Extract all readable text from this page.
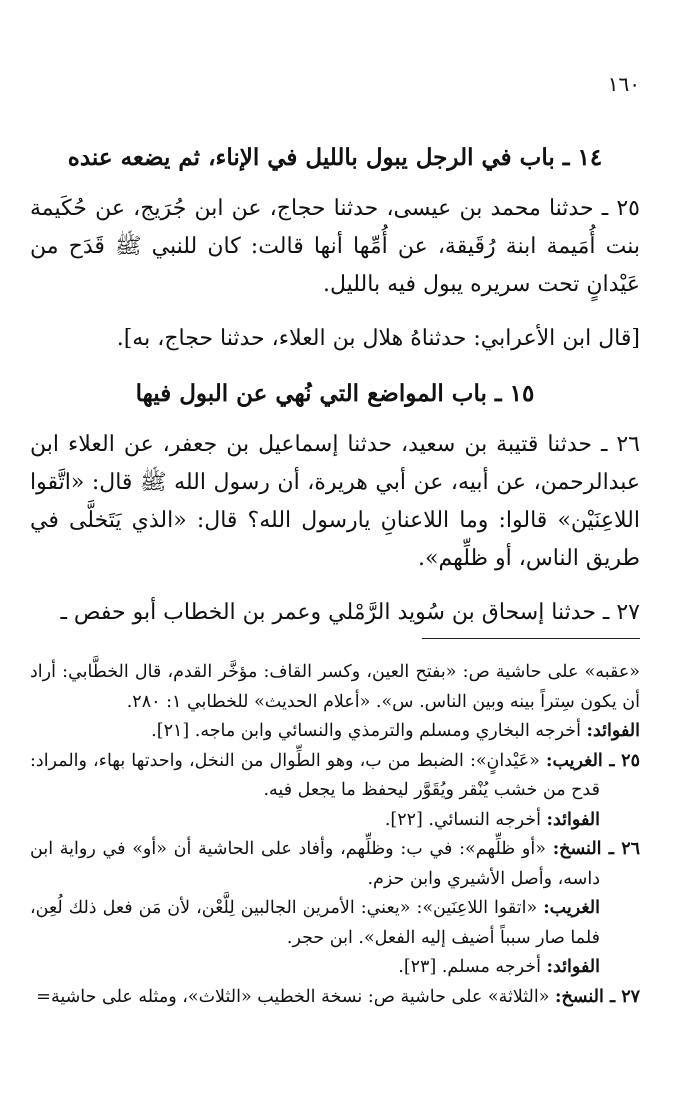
١٦٠
١٤ ـ باب في الرجل يبول بالليل في الإناء، ثم يضعه عنده

٢٥ ـ حدثنا محمد بن عيسى، حدثنا حجاج، عن ابن جُرَيج، عن حُكَيمة بنت أُمَيمة ابنة رُقَيقة، عن أُمِّها أنها قالت: كان للنبي ﷺ قَدَح من عَيْدانٍ تحت سريره يبول فيه بالليل.

[قال ابن الأعرابي: حدثناهُ هلال بن العلاء، حدثنا حجاج، به].

١٥ ـ باب المواضع التي نُهي عن البول فيها

٢٦ ـ حدثنا قتيبة بن سعيد، حدثنا إسماعيل بن جعفر، عن العلاء ابن عبدالرحمن، عن أبيه، عن أبي هريرة، أن رسول الله ﷺ قال: «اتَّقوا اللاعِنَيْن» قالوا: وما اللاعنانِ يارسول الله؟ قال: «الذي يَتَخلَّى في طريق الناس، أو ظلِّهم».

٢٧ ـ حدثنا إسحاق بن سُويد الرَّمْلي وعمر بن الخطاب أبو حفص ـ

«عقبه» على حاشية ص: «بفتح العين، وكسر القاف: مؤخَّر القدم، قال الخطَّابي: أراد أن يكون سِتراً بينه وبين الناس. س». «أعلام الحديث» للخطابي ١: ٢٨٠.

الفوائد: أخرجه البخاري ومسلم والترمذي والنسائي وابن ماجه. [٢١].

٢٥ ـ الغريب: «عَيْدانٍ»: الضبط من ب، وهو الطِّوال من النخل، واحدتها بهاء، والمراد: قدح من خشب يُنْقر ويُقَوَّر ليحفظ ما يجعل فيه.

الفوائد: أخرجه النسائي. [٢٢].

٢٦ ـ النسخ: «أو ظلِّهم»: في ب: وظلِّهم، وأفاد على الحاشية أن «أو» في رواية ابن داسه، وأصل الأشيري وابن حزم.

الغريب: «اتقوا اللاعِنَين»: «يعني: الأمرين الجالبين لِلَّعْن، لأن مَن فعل ذلك لُعِن، فلما صار سبباً أضيف إليه الفعل». ابن حجر.

الفوائد: أخرجه مسلم. [٢٣].

٢٧ ـ النسخ: «الثلاثة» على حاشية ص: نسخة الخطيب «الثلاث»، ومثله على حاشية=
